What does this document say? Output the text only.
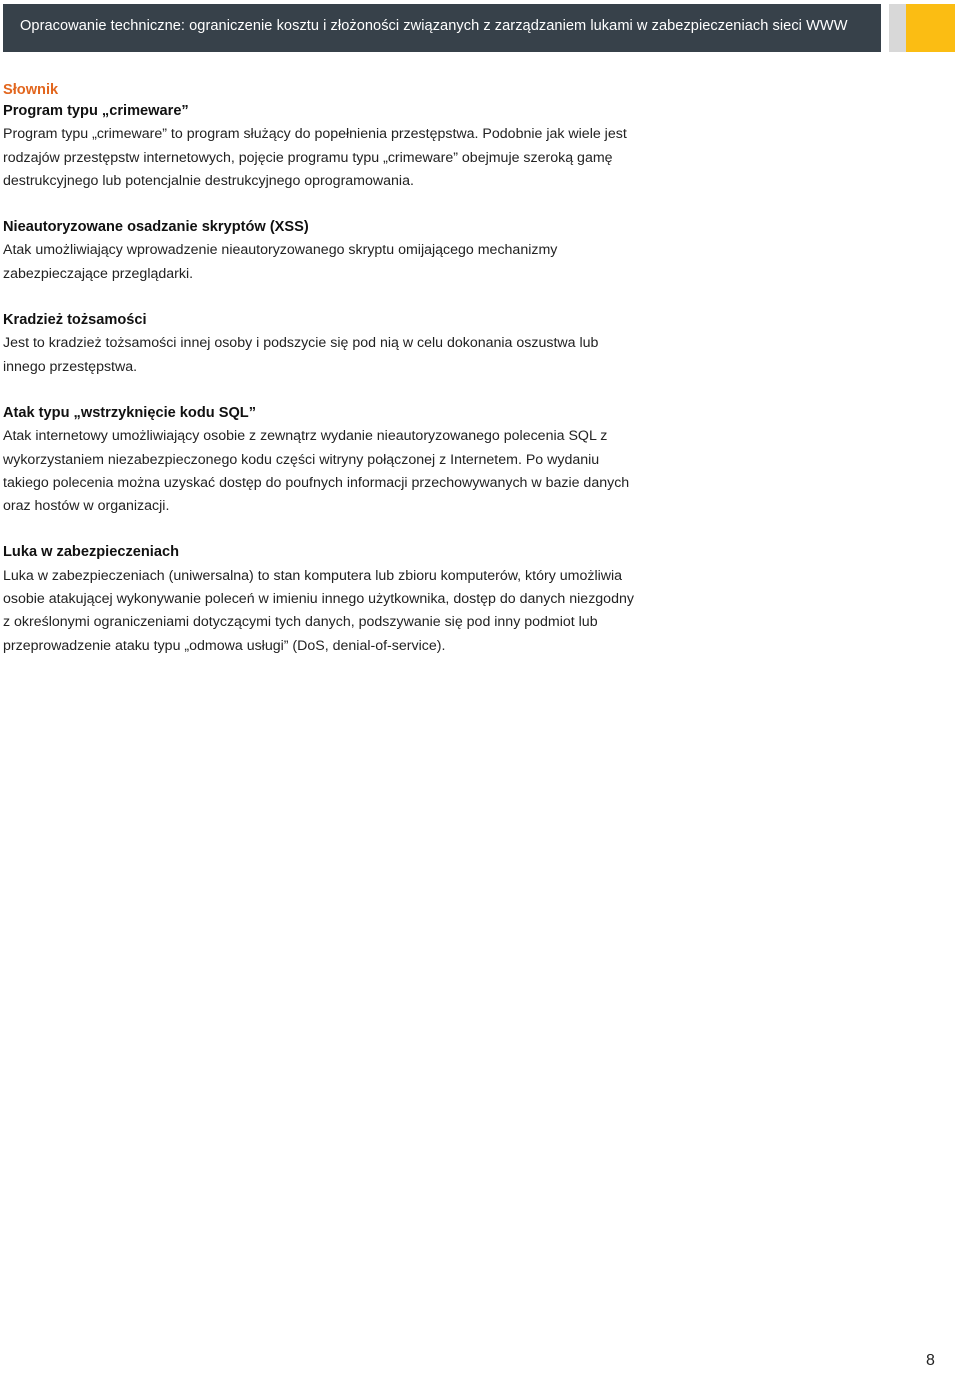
Opracowanie techniczne: ograniczenie kosztu i złożoności związanych z zarządzaniem lukami w zabezpieczeniach sieci WWW

Słownik

Program typu „crimeware”

Program typu „crimeware” to program służący do popełnienia przestępstwa. Podobnie jak wiele jest rodzajów przestępstw internetowych, pojęcie programu typu „crimeware” obejmuje szeroką gamę destrukcyjnego lub potencjalnie destrukcyjnego oprogramowania.

Nieautoryzowane osadzanie skryptów (XSS)

Atak umożliwiający wprowadzenie nieautoryzowanego skryptu omijającego mechanizmy zabezpieczające przeglądarki.

Kradzież tożsamości

Jest to kradzież tożsamości innej osoby i podszycie się pod nią w celu dokonania oszustwa lub innego przestępstwa.

Atak typu „wstrzyknięcie kodu SQL”

Atak internetowy umożliwiający osobie z zewnątrz wydanie nieautoryzowanego polecenia SQL z wykorzystaniem niezabezpieczonego kodu części witryny połączonej z Internetem. Po wydaniu takiego polecenia można uzyskać dostęp do poufnych informacji przechowywanych w bazie danych oraz hostów w organizacji.

Luka w zabezpieczeniach

Luka w zabezpieczeniach (uniwersalna) to stan komputera lub zbioru komputerów, który umożliwia osobie atakującej wykonywanie poleceń w imieniu innego użytkownika, dostęp do danych niezgodny z określonymi ograniczeniami dotyczącymi tych danych, podszywanie się pod inny podmiot lub przeprowadzenie ataku typu „odmowa usługi” (DoS, denial-of-service).

8
